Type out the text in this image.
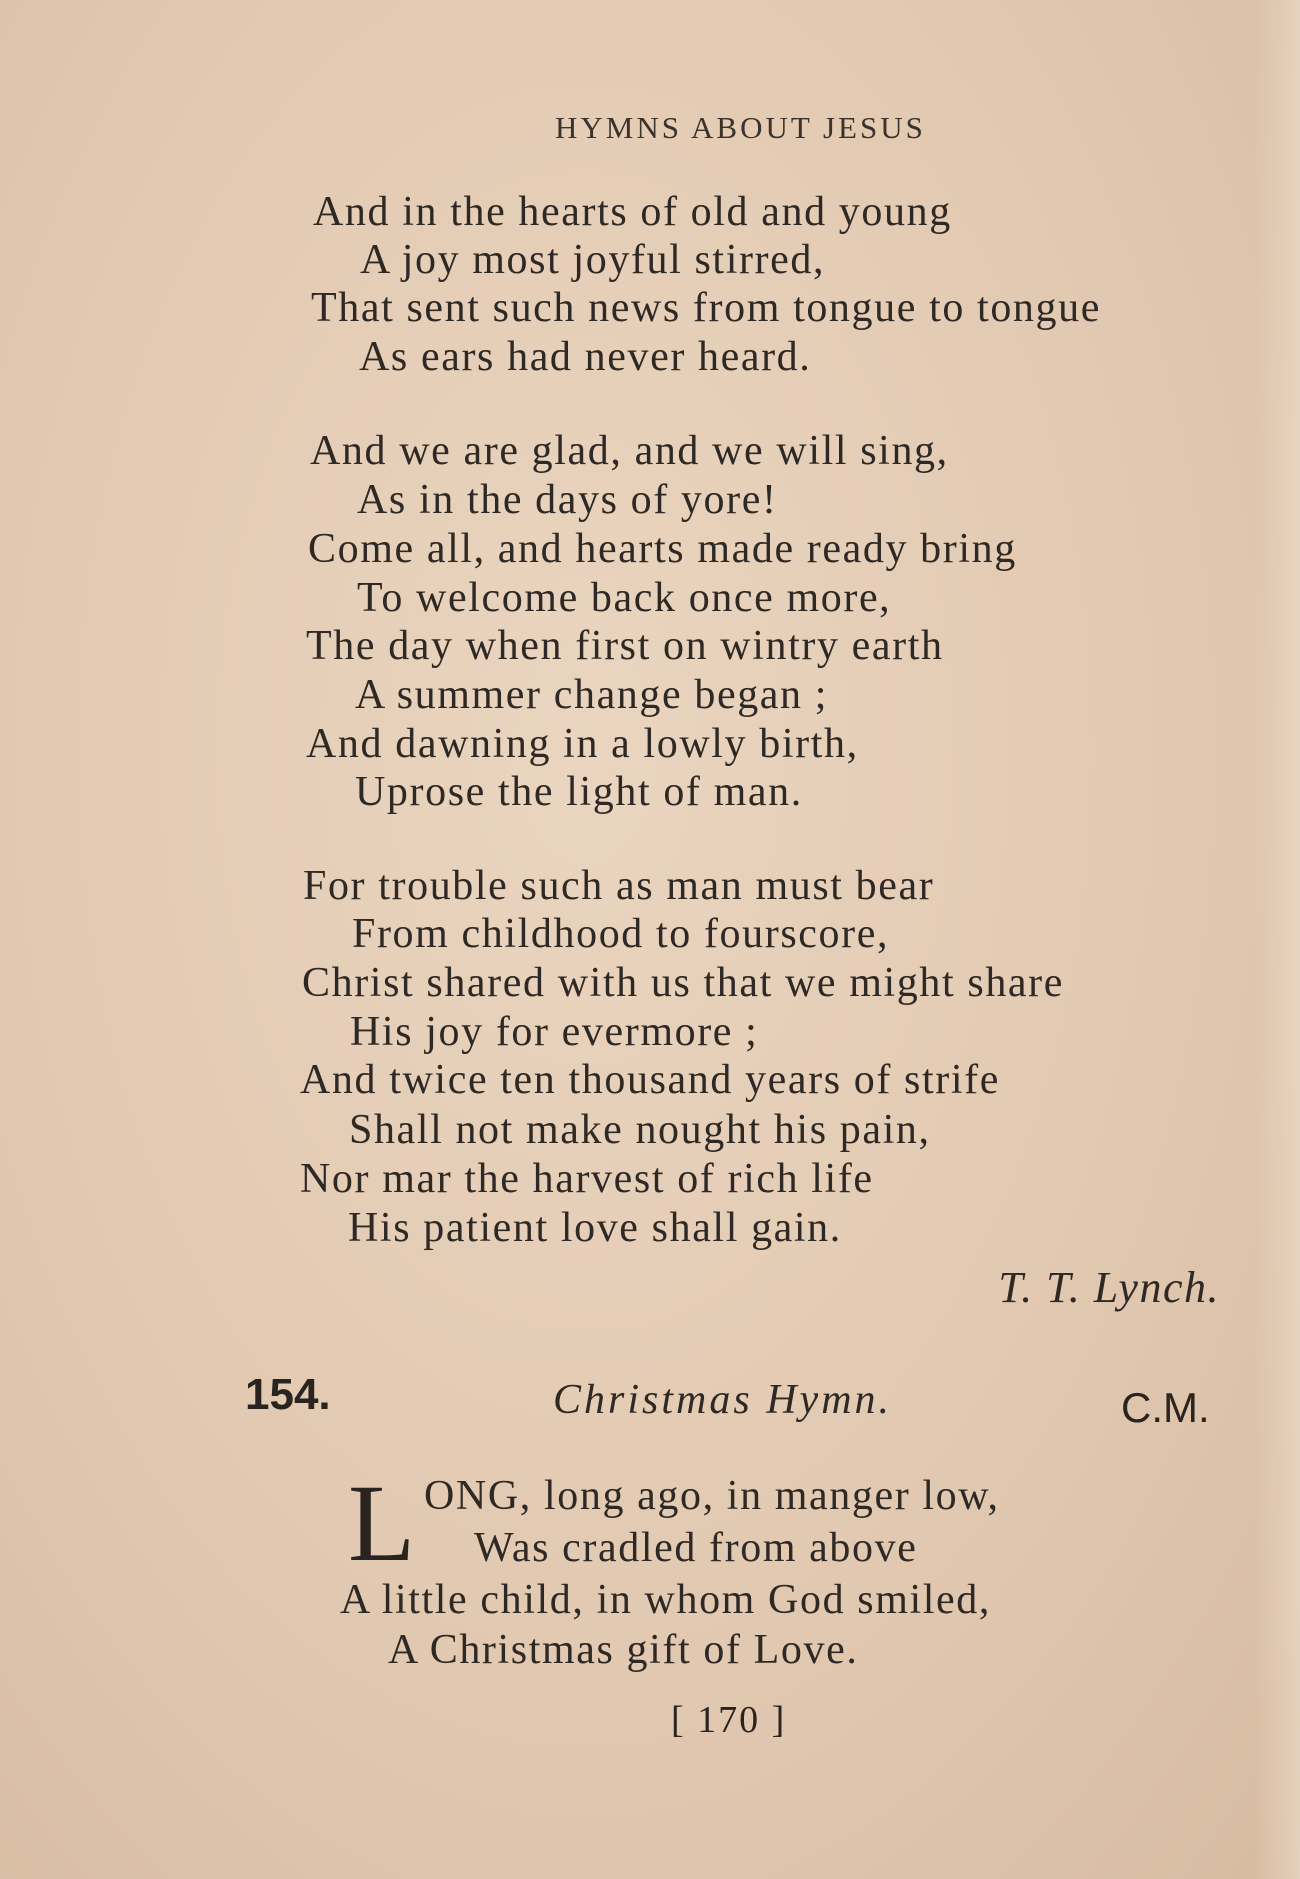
HYMNS ABOUT JESUS
And in the hearts of old and young
A joy most joyful stirred,
That sent such news from tongue to tongue
As ears had never heard.
And we are glad, and we will sing,
As in the days of yore!
Come all, and hearts made ready bring
To welcome back once more,
The day when first on wintry earth
A summer change began ;
And dawning in a lowly birth,
Uprose the light of man.
For trouble such as man must bear
From childhood to fourscore,
Christ shared with us that we might share
His joy for evermore ;
And twice ten thousand years of strife
Shall not make nought his pain,
Nor mar the harvest of rich life
His patient love shall gain.
T. T. Lynch.
154.	Christmas Hymn.	C.M.
L ONG, long ago, in manger low,
Was cradled from above
A little child, in whom God smiled,
A Christmas gift of Love.
[ 170 ]
